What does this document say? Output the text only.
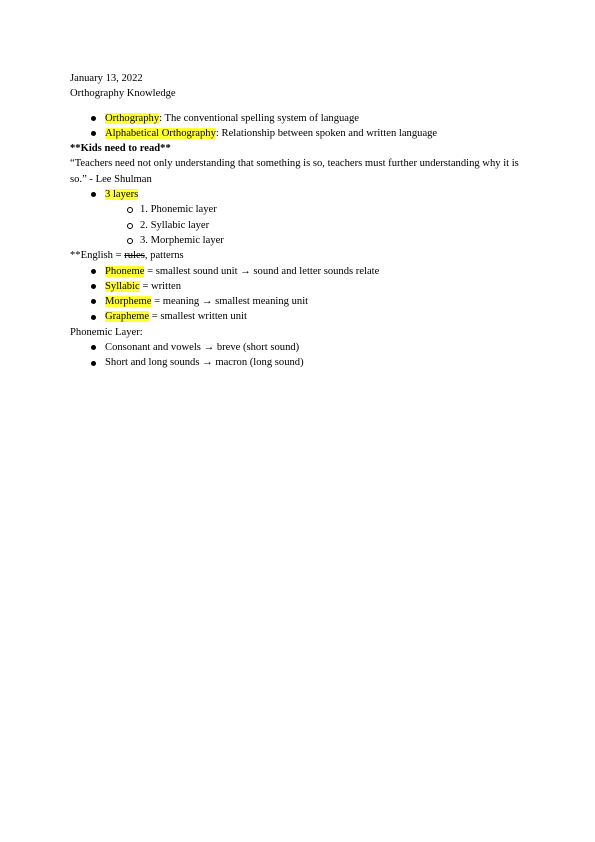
January 13, 2022
Orthography Knowledge
Orthography: The conventional spelling system of language
Alphabetical Orthography: Relationship between spoken and written language
**Kids need to read**
“Teachers need not only understanding that something is so, teachers must further understanding why it is so.” - Lee Shulman
3 layers
1. Phonemic layer
2. Syllabic layer
3. Morphemic layer
**English = rules, patterns
Phoneme = smallest sound unit → sound and letter sounds relate
Syllabic = written
Morpheme = meaning → smallest meaning unit
Grapheme = smallest written unit
Phonemic Layer:
Consonant and vowels → breve (short sound)
Short and long sounds → macron (long sound)
